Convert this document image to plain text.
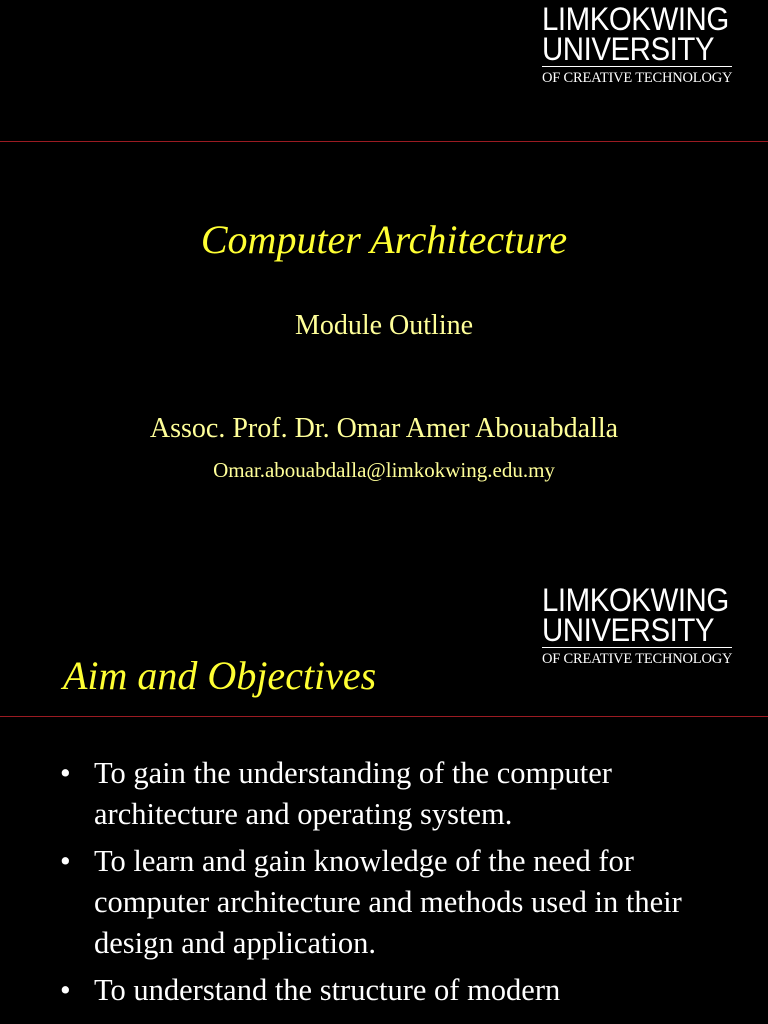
LIMKOKWING
UNIVERSITY
OF CREATIVE TECHNOLOGY
Computer Architecture
Module Outline
Assoc. Prof. Dr. Omar Amer Abouabdalla
Omar.abouabdalla@limkokwing.edu.my
LIMKOKWING
UNIVERSITY
OF CREATIVE TECHNOLOGY
Aim and Objectives
• To gain the understanding of the computer architecture and operating system.
• To learn and gain knowledge of the need for computer architecture and methods used in their design and application.
• To understand the structure of modern
